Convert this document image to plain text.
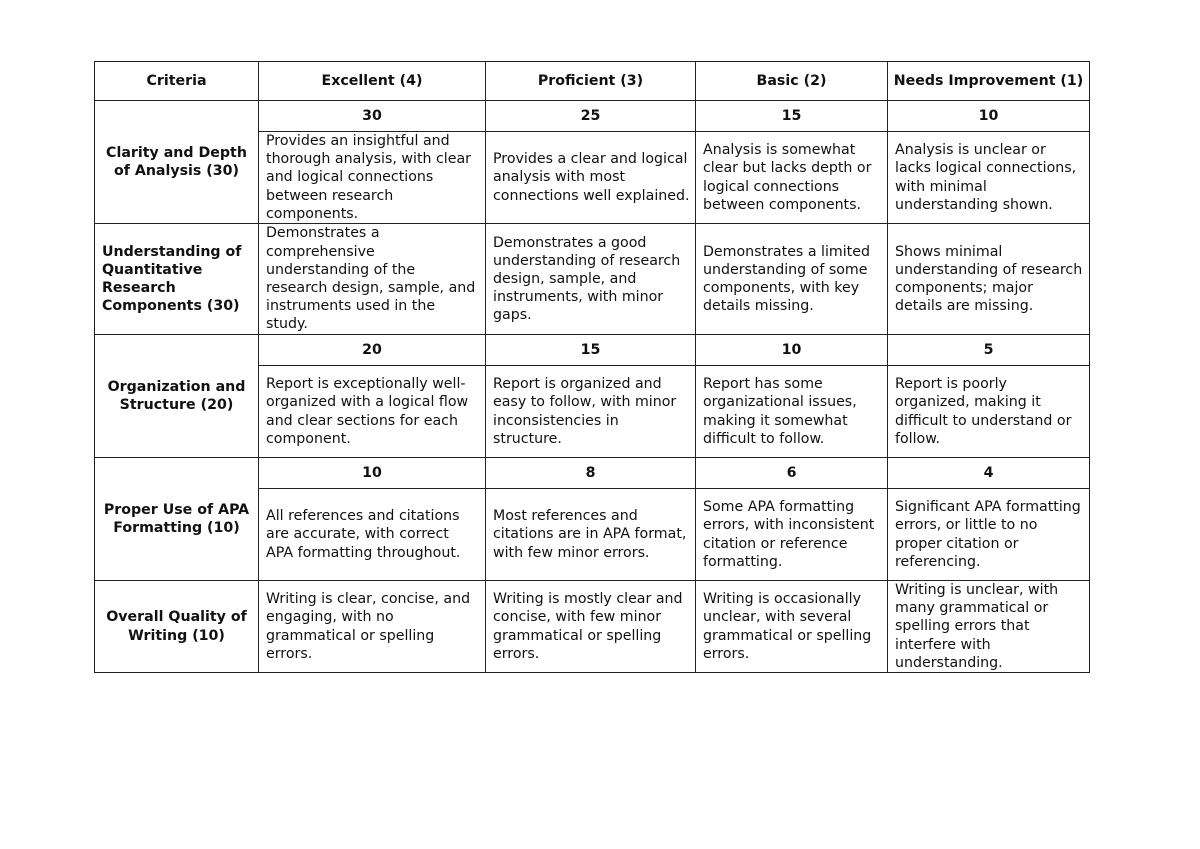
Criteria	Excellent (4)	Proficient (3)	Basic (2)	Needs Improvement (1)
Clarity and Depth of Analysis (30)	30	25	15	10
	Provides an insightful and thorough analysis, with clear and logical connections between research components.	Provides a clear and logical analysis with most connections well explained.	Analysis is somewhat clear but lacks depth or logical connections between components.	Analysis is unclear or lacks logical connections, with minimal understanding shown.
Understanding of Quantitative Research Components (30)	Demonstrates a comprehensive understanding of the research design, sample, and instruments used in the study.	Demonstrates a good understanding of research design, sample, and instruments, with minor gaps.	Demonstrates a limited understanding of some components, with key details missing.	Shows minimal understanding of research components; major details are missing.
Organization and Structure (20)	20	15	10	5
	Report is exceptionally well-organized with a logical flow and clear sections for each component.	Report is organized and easy to follow, with minor inconsistencies in structure.	Report has some organizational issues, making it somewhat difficult to follow.	Report is poorly organized, making it difficult to understand or follow.
Proper Use of APA Formatting (10)	10	8	6	4
	All references and citations are accurate, with correct APA formatting throughout.	Most references and citations are in APA format, with few minor errors.	Some APA formatting errors, with inconsistent citation or reference formatting.	Significant APA formatting errors, or little to no proper citation or referencing.
Overall Quality of Writing (10)	Writing is clear, concise, and engaging, with no grammatical or spelling errors.	Writing is mostly clear and concise, with few minor grammatical or spelling errors.	Writing is occasionally unclear, with several grammatical or spelling errors.	Writing is unclear, with many grammatical or spelling errors that interfere with understanding.
